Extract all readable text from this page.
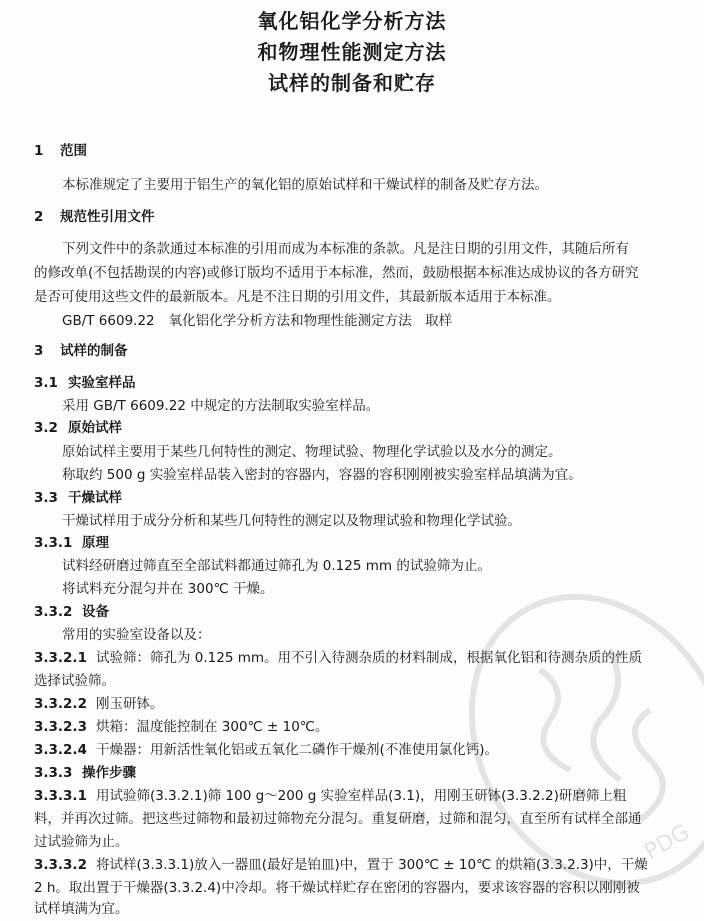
氧化铝化学分析方法
和物理性能测定方法
试样的制备和贮存
1 范围
本标准规定了主要用于铝生产的氧化铝的原始试样和干燥试样的制备及贮存方法。
2 规范性引用文件
下列文件中的条款通过本标准的引用而成为本标准的条款。凡是注日期的引用文件，其随后所有
的修改单(不包括勘误的内容)或修订版均不适用于本标准，然而，鼓励根据本标准达成协议的各方研究
是否可使用这些文件的最新版本。凡是不注日期的引用文件，其最新版本适用于本标准。
GB/T 6609.22 氧化铝化学分析方法和物理性能测定方法　取样
3 试样的制备
3.1 实验室样品
采用 GB/T 6609.22 中规定的方法制取实验室样品。
3.2 原始试样
原始试样主要用于某些几何特性的测定、物理试验、物理化学试验以及水分的测定。
称取约 500 g 实验室样品装入密封的容器内，容器的容积刚刚被实验室样品填满为宜。
3.3 干燥试样
干燥试样用于成分分析和某些几何特性的测定以及物理试验和物理化学试验。
3.3.1 原理
试料经研磨过筛直至全部试料都通过筛孔为 0.125 mm 的试验筛为止。
将试料充分混匀并在 300℃ 干燥。
3.3.2 设备
常用的实验室设备以及：
3.3.2.1 试验筛：筛孔为 0.125 mm。用不引入待测杂质的材料制成，根据氧化铝和待测杂质的性质
选择试验筛。
3.3.2.2 刚玉研钵。
3.3.2.3 烘箱：温度能控制在 300℃ ± 10℃。
3.3.2.4 干燥器：用新活性氧化铝或五氧化二磷作干燥剂(不准使用氯化钙)。
3.3.3 操作步骤
3.3.3.1 用试验筛(3.3.2.1)筛 100 g～200 g 实验室样品(3.1)，用刚玉研钵(3.3.2.2)研磨筛上粗
料，并再次过筛。把这些过筛物和最初过筛物充分混匀。重复研磨，过筛和混匀，直至所有试样全部通
过试验筛为止。
3.3.3.2 将试样(3.3.3.1)放入一器皿(最好是铂皿)中，置于 300℃ ± 10℃ 的烘箱(3.3.2.3)中，干燥
2 h。取出置于干燥器(3.3.2.4)中冷却。将干燥试样贮存在密闭的容器内，要求该容器的容积以刚刚被
试样填满为宜。
PDG
